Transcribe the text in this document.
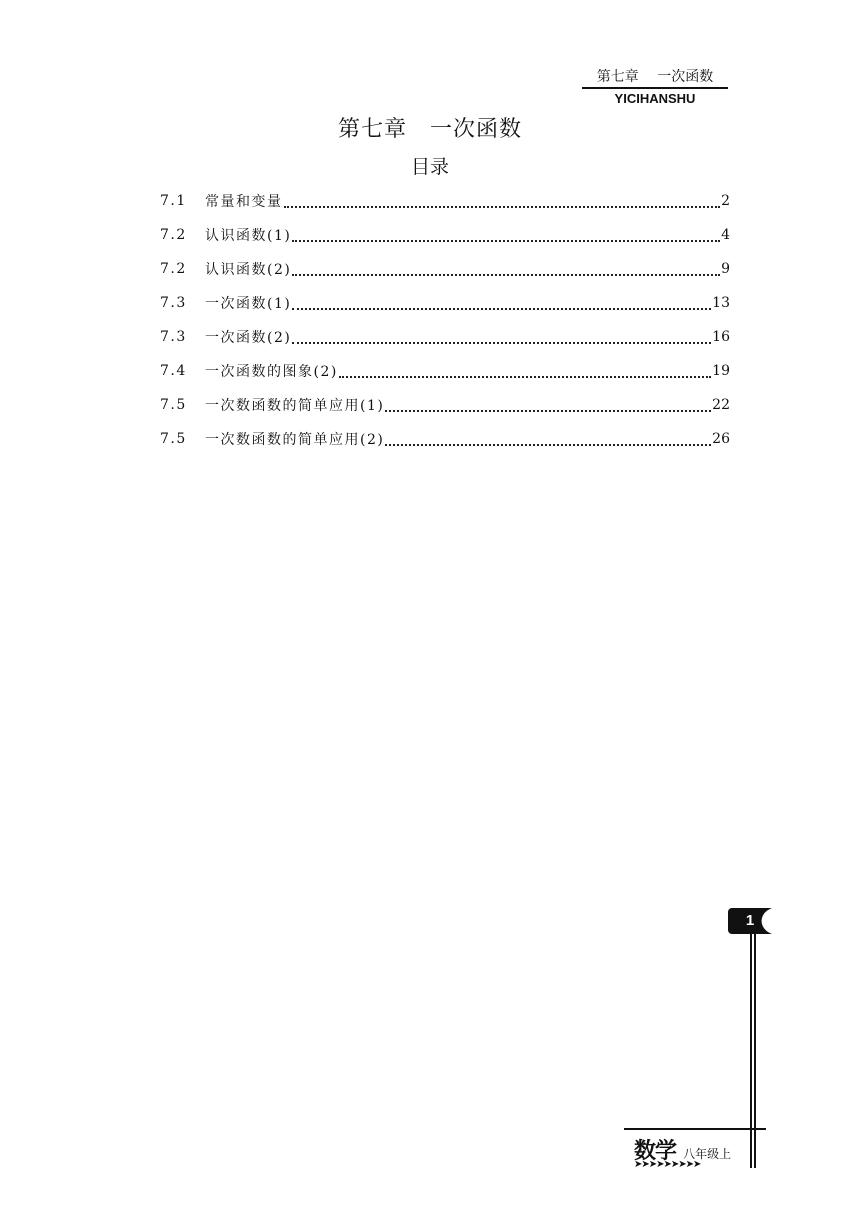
第七章　 一次函数
YICIHANSHU
第七章　一次函数
目录
7.1	常量和变量	2
7.2	认识函数(1)	4
7.2	认识函数(2)	9
7.3	一次函数(1)	13
7.3	一次函数(2)	16
7.4	一次函数的图象(2)	19
7.5	一次数函数的简单应用(1)	22
7.5	一次数函数的简单应用(2)	26
1
数学 八年级上
➤➤➤➤➤➤➤➤➤
